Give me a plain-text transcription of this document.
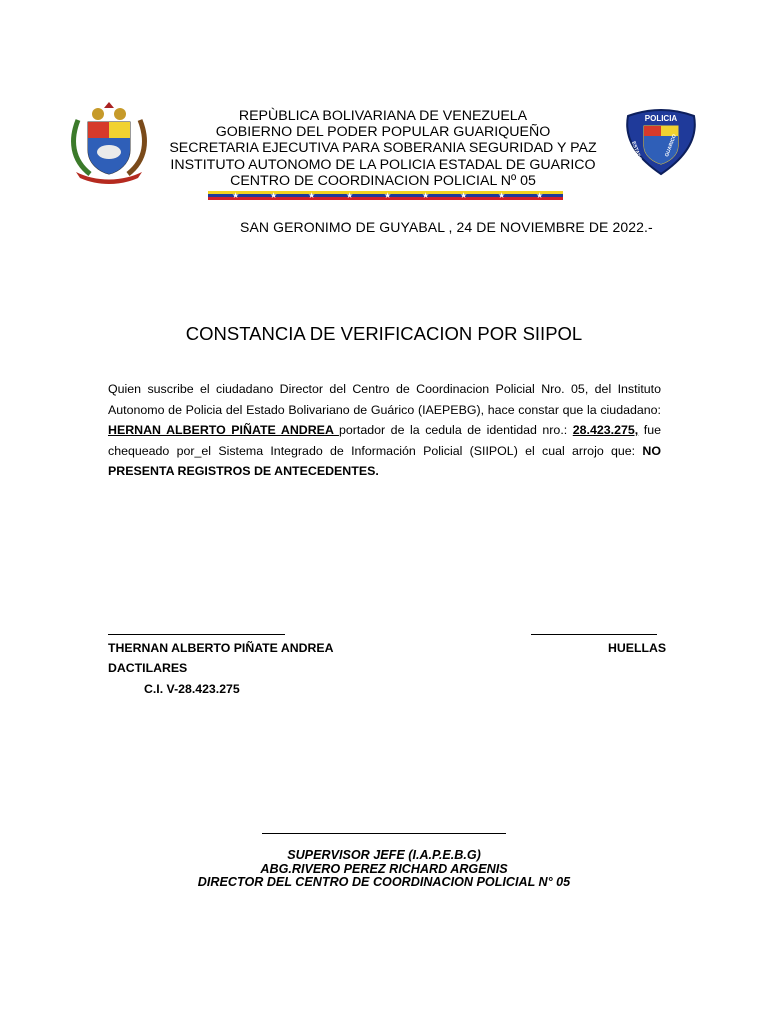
REPÙBLICA BOLIVARIANA DE VENEZUELA
GOBIERNO DEL PODER POPULAR GUARIQUEÑO
SECRETARIA EJECUTIVA PARA SOBERANIA SEGURIDAD Y PAZ
INSTITUTO AUTONOMO DE LA POLICIA ESTADAL DE GUARICO
CENTRO DE COORDINACION POLICIAL Nº 05
★	★	★	★	★	★	★	★	★
POLICIA
ESTADO	GUARICO
SAN GERONIMO DE GUYABAL , 24 DE NOVIEMBRE DE 2022.-
CONSTANCIA DE VERIFICACION POR SIIPOL
Quien suscribe el ciudadano Director del Centro de Coordinacion Policial Nro. 05, del Instituto Autonomo de Policia del Estado Bolivariano de Guárico (IAEPEBG), hace constar que la ciudadano: HERNAN ALBERTO PIÑATE ANDREA portador de la cedula de identidad nro.: 28.423.275, fue chequeado por_el Sistema Integrado de Información Policial (SIIPOL) el cual arrojo que: NO PRESENTA REGISTROS DE ANTECEDENTES.
THERNAN ALBERTO PIÑATE ANDREA	HUELLAS
DACTILARES
C.I. V-28.423.275
SUPERVISOR JEFE (I.A.P.E.B.G)
ABG.RIVERO PEREZ RICHARD ARGENIS
DIRECTOR DEL CENTRO DE COORDINACION POLICIAL N° 05
